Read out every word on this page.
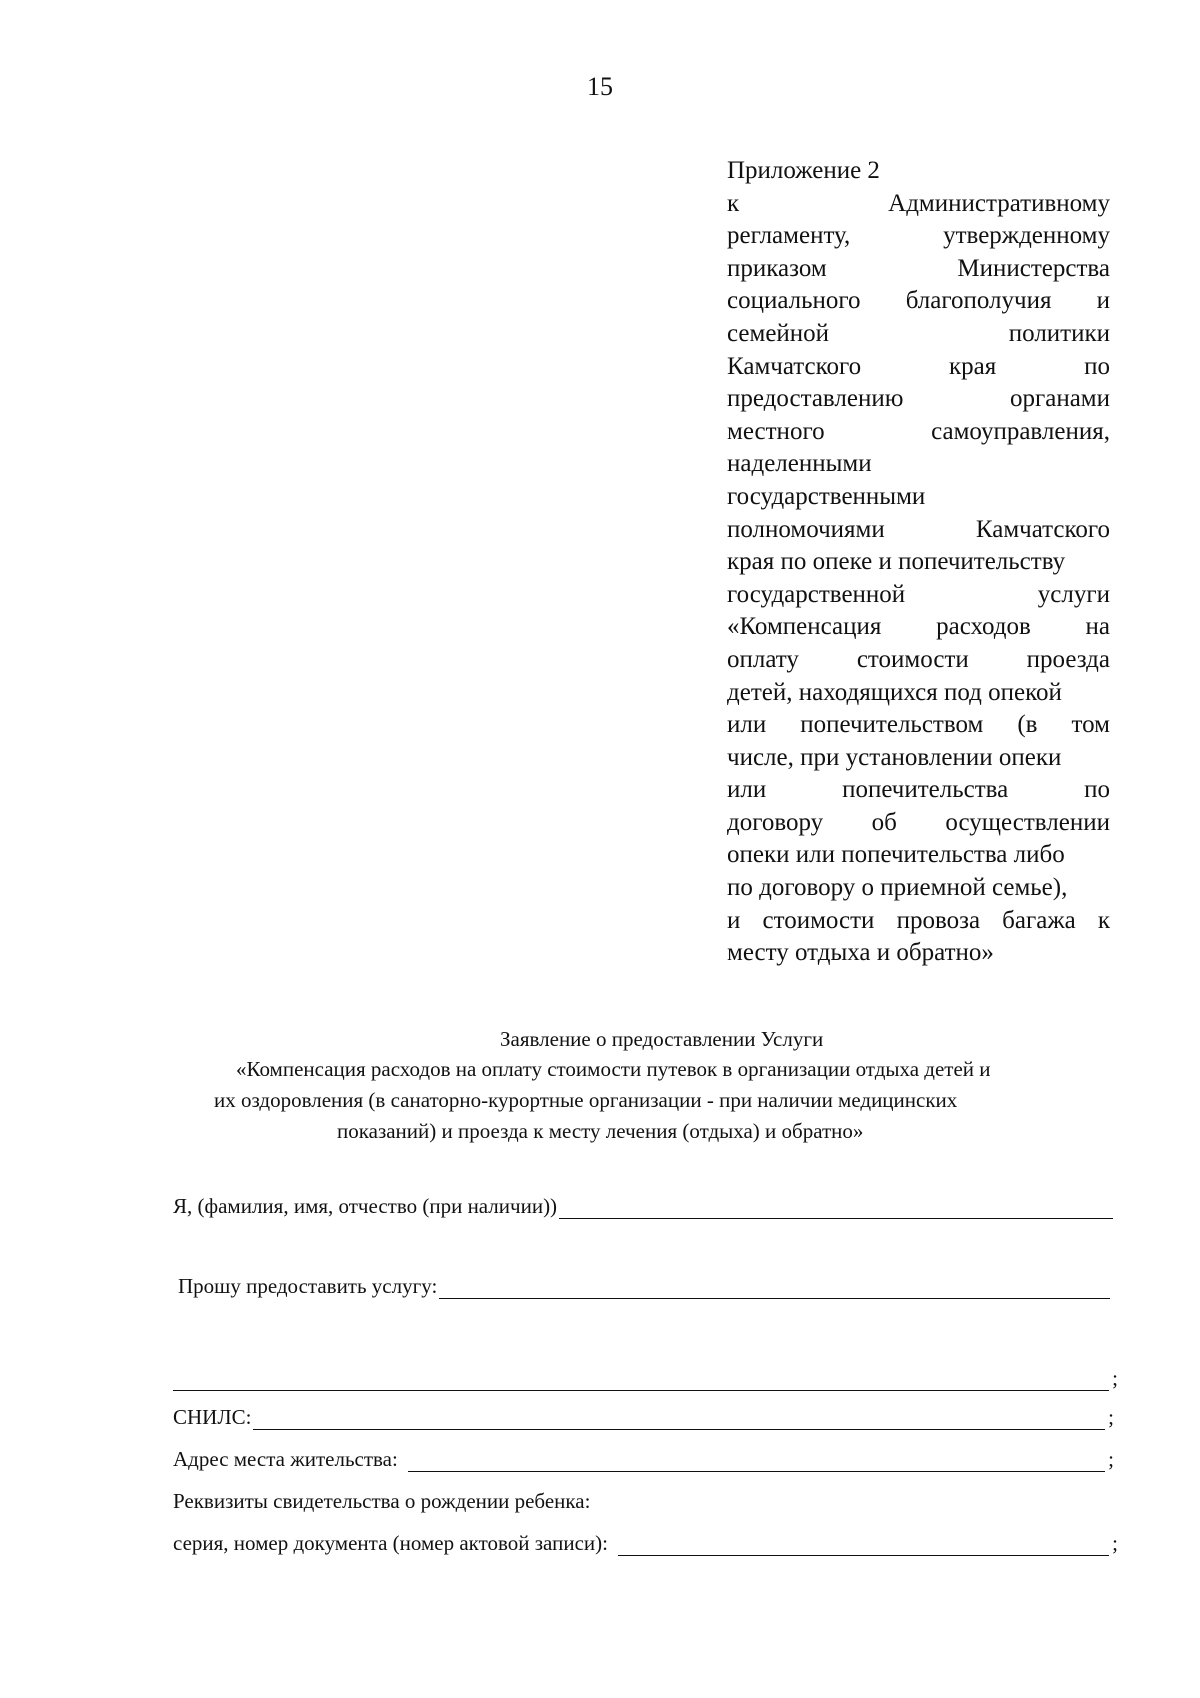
15
Приложение 2
к	Административному
регламенту,	утвержденному
приказом	Министерства
социального благополучия и
семейной	политики
Камчатского	края	по
предоставлению	органами
местного	самоуправления,
наделенными
государственными
полномочиями	Камчатского
края по опеке и попечительству
государственной	услуги
«Компенсация расходов на
оплату стоимости проезда
детей, находящихся под опекой
или попечительством (в том
числе, при установлении опеки
или	попечительства	по
договору об осуществлении
опеки или попечительства либо
по договору о приемной семье),
и стоимости провоза багажа к
месту отдыха и обратно»
Заявление о предоставлении Услуги
«Компенсация расходов на оплату стоимости путевок в организации отдыха детей и
их оздоровления (в санаторно-курортные организации - при наличии медицинских
показаний) и проезда к месту лечения (отдыха) и обратно»
Я, (фамилия, имя, отчество (при наличии))
Прошу предоставить услугу:
;
СНИЛС:	;
Адрес места жительства:	;
Реквизиты свидетельства о рождении ребенка:
серия, номер документа (номер актовой записи):	;
